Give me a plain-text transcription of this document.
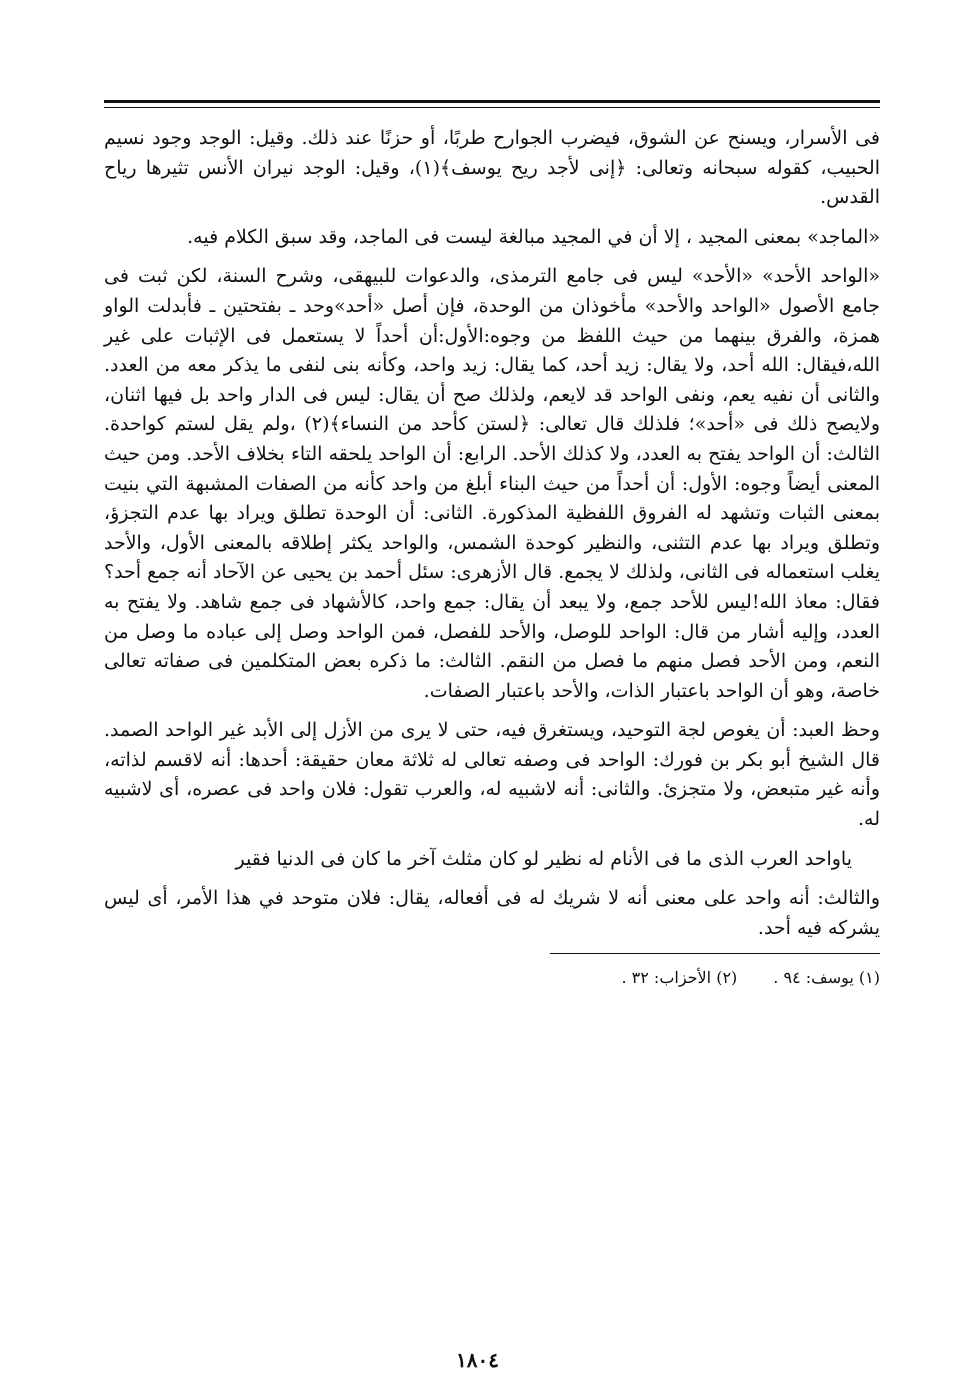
فى الأسرار، ويسنح عن الشوق، فيضرب الجوارح طربًا، أو حزنًا عند ذلك. وقيل: الوجد وجود نسيم الحبيب، كقوله سبحانه وتعالى: ﴿إنى لأجد ريح يوسف﴾(١)، وقيل: الوجد نيران الأنس تثيرها رياح القدس.

«الماجد» بمعنى المجيد ، إلا أن في المجيد مبالغة ليست فى الماجد، وقد سبق الكلام فيه.

«الواحد الأحد» «الأحد» ليس فى جامع الترمذى، والدعوات للبيهقى، وشرح السنة، لكن ثبت فى جامع الأصول «الواحد والأحد» مأخوذان من الوحدة، فإن أصل «أحد»وحد ـ بفتحتين ـ فأبدلت الواو همزة، والفرق بينهما من حيث اللفظ من وجوه:الأول:أن أحداً لا يستعمل فى الإثبات على غير الله،فيقال: الله أحد، ولا يقال: زيد أحد، كما يقال: زيد واحد، وكأنه بنى لنفى ما يذكر معه من العدد. والثانى أن نفيه يعم، ونفى الواحد قد لايعم، ولذلك صح أن يقال: ليس فى الدار واحد بل فيها اثنان، ولايصح ذلك فى «أحد»؛ فلذلك قال تعالى: ﴿لستن كأحد من النساء﴾(٢) ،ولم يقل لستم كواحدة. الثالث: أن الواحد يفتح به العدد، ولا كذلك الأحد. الرابع: أن الواحد يلحقه التاء بخلاف الأحد. ومن حيث المعنى أيضاً وجوه: الأول: أن أحداً من حيث البناء أبلغ من واحد كأنه من الصفات المشبهة التي بنيت بمعنى الثبات وتشهد له الفروق اللفظية المذكورة. الثانى: أن الوحدة تطلق ويراد بها عدم التجزؤ، وتطلق ويراد بها عدم التثنى، والنظير كوحدة الشمس، والواحد يكثر إطلاقه بالمعنى الأول، والأحد يغلب استعماله فى الثانى، ولذلك لا يجمع. قال الأزهرى: سئل أحمد بن يحيى عن الآحاد أنه جمع أحد؟ فقال: معاذ الله!ليس للأحد جمع، ولا يبعد أن يقال: جمع واحد، كالأشهاد فى جمع شاهد. ولا يفتح به العدد، وإليه أشار من قال: الواحد للوصل، والأحد للفصل، فمن الواحد وصل إلى عباده ما وصل من النعم، ومن الأحد فصل منهم ما فصل من النقم. الثالث: ما ذكره بعض المتكلمين فى صفاته تعالى خاصة، وهو أن الواحد باعتبار الذات، والأحد باعتبار الصفات.

وحظ العبد: أن يغوص لجة التوحيد، ويستغرق فيه، حتى لا يرى من الأزل إلى الأبد غير الواحد الصمد. قال الشيخ أبو بكر بن فورك: الواحد فى وصفه تعالى له ثلاثة معان حقيقة: أحدها: أنه لاقسم لذاته، وأنه غير متبعض، ولا متجزئ. والثانى: أنه لاشبيه له، والعرب تقول: فلان واحد فى عصره، أى لاشبيه له.

ياواحد العرب الذى ما فى الأنام له نظير لو كان مثلث آخر ما كان فى الدنيا فقير

والثالث: أنه واحد على معنى أنه لا شريك له فى أفعاله، يقال: فلان متوحد في هذا الأمر، أى ليس يشركه فيه أحد.

(١) يوسف: ٩٤ .
(٢) الأحزاب: ٣٢ .
١٨٠٤
